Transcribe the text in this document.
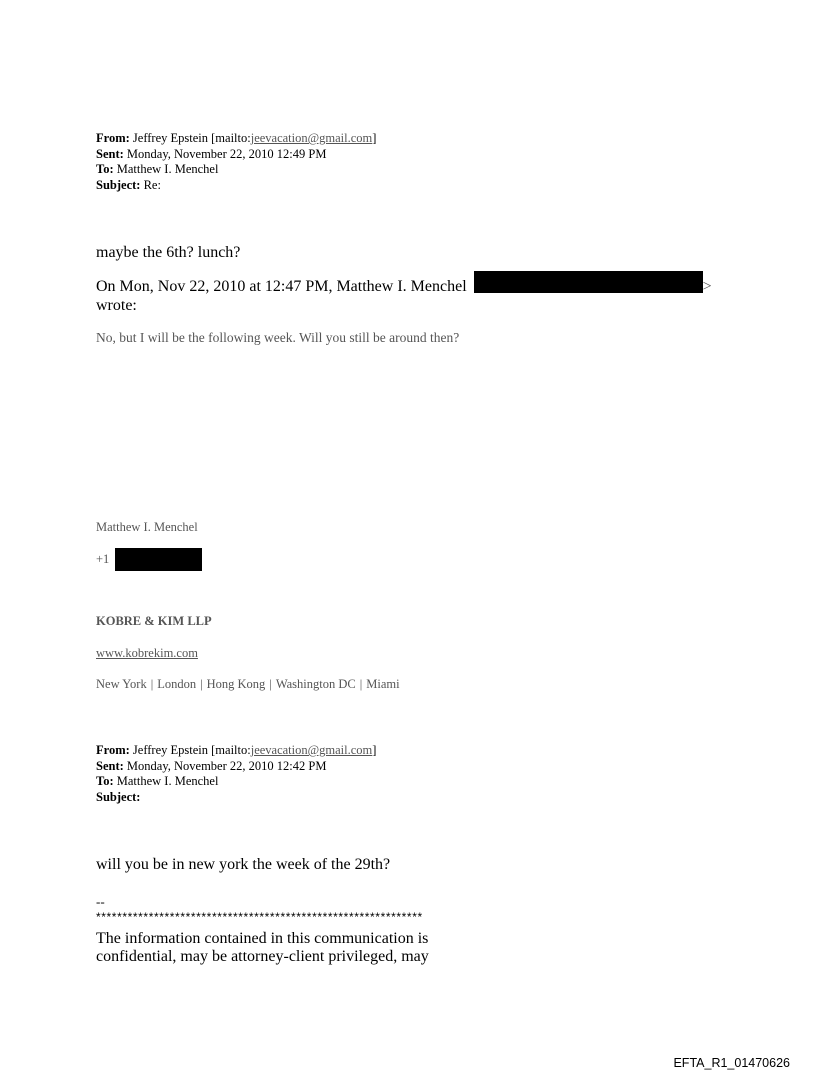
From: Jeffrey Epstein [mailto:jeevacation@gmail.com]
Sent: Monday, November 22, 2010 12:49 PM
To: Matthew I. Menchel
Subject: Re:
maybe the 6th? lunch?
On Mon, Nov 22, 2010 at 12:47 PM, Matthew I. Menchel	>
wrote:
No, but I will be the following week. Will you still be around then?
Matthew I. Menchel
+1
KOBRE & KIM LLP
www.kobrekim.com
New York | London | Hong Kong | Washington DC | Miami
From: Jeffrey Epstein [mailto:jeevacation@gmail.com]
Sent: Monday, November 22, 2010 12:42 PM
To: Matthew I. Menchel
Subject:
will you be in new york the week of the 29th?
--
**************************************************************
The information contained in this communication is
confidential, may be attorney-client privileged, may
EFTA_R1_01470626
